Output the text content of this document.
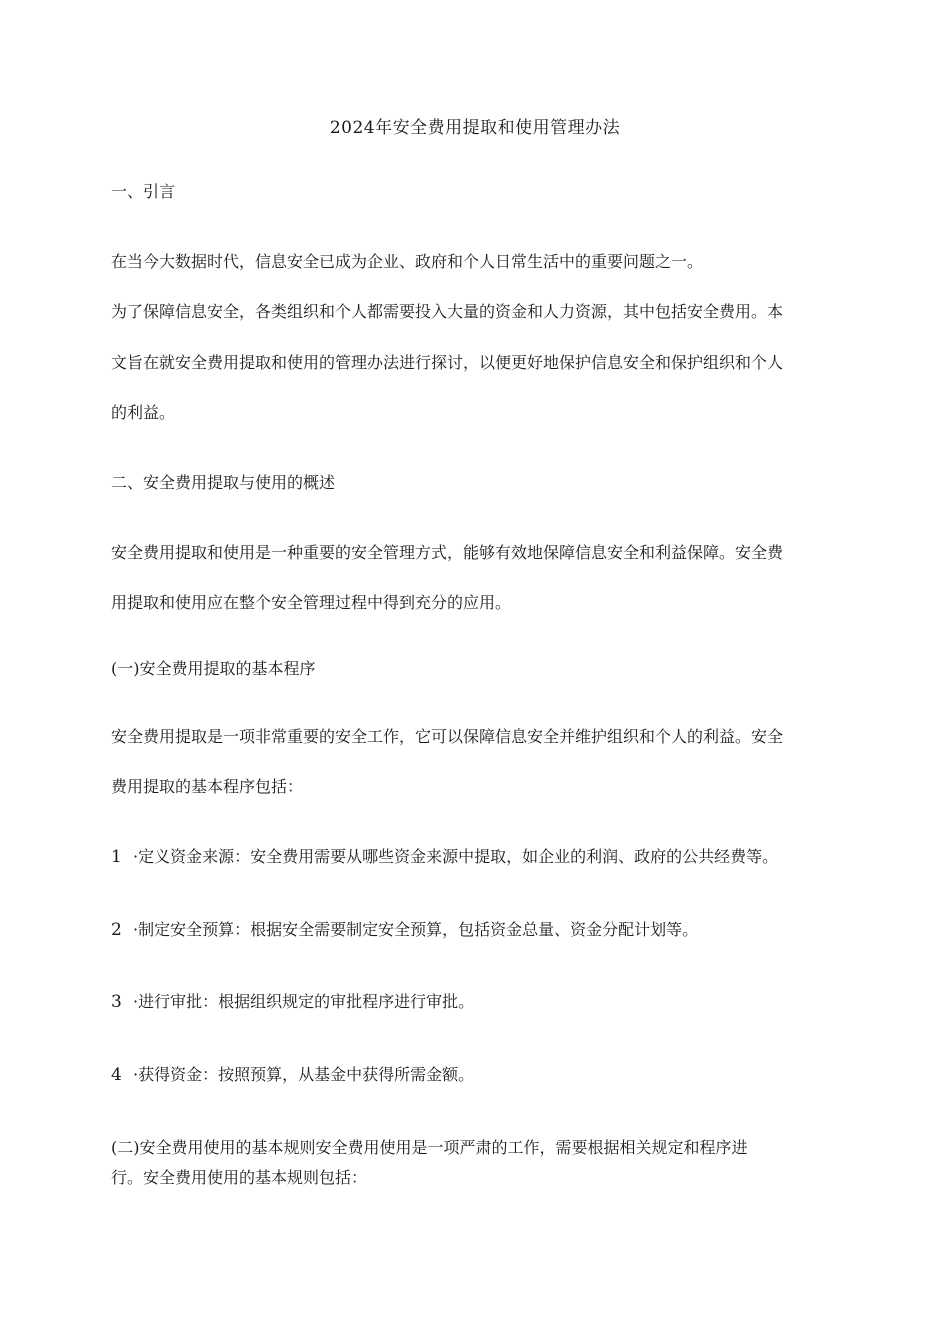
2024年安全费用提取和使用管理办法
一、引言
在当今大数据时代，信息安全已成为企业、政府和个人日常生活中的重要问题之一。
为了保障信息安全，各类组织和个人都需要投入大量的资金和人力资源，其中包括安全费用。本
文旨在就安全费用提取和使用的管理办法进行探讨，以便更好地保护信息安全和保护组织和个人
的利益。
二、安全费用提取与使用的概述
安全费用提取和使用是一种重要的安全管理方式，能够有效地保障信息安全和利益保障。安全费
用提取和使用应在整个安全管理过程中得到充分的应用。
(一)安全费用提取的基本程序
安全费用提取是一项非常重要的安全工作，它可以保障信息安全并维护组织和个人的利益。安全
费用提取的基本程序包括：
1 ·定义资金来源：安全费用需要从哪些资金来源中提取，如企业的利润、政府的公共经费等。
2 ·制定安全预算：根据安全需要制定安全预算，包括资金总量、资金分配计划等。
3 ·进行审批：根据组织规定的审批程序进行审批。
4 ·获得资金：按照预算，从基金中获得所需金额。
(二)安全费用使用的基本规则安全费用使用是一项严肃的工作，需要根据相关规定和程序进
行。安全费用使用的基本规则包括：
